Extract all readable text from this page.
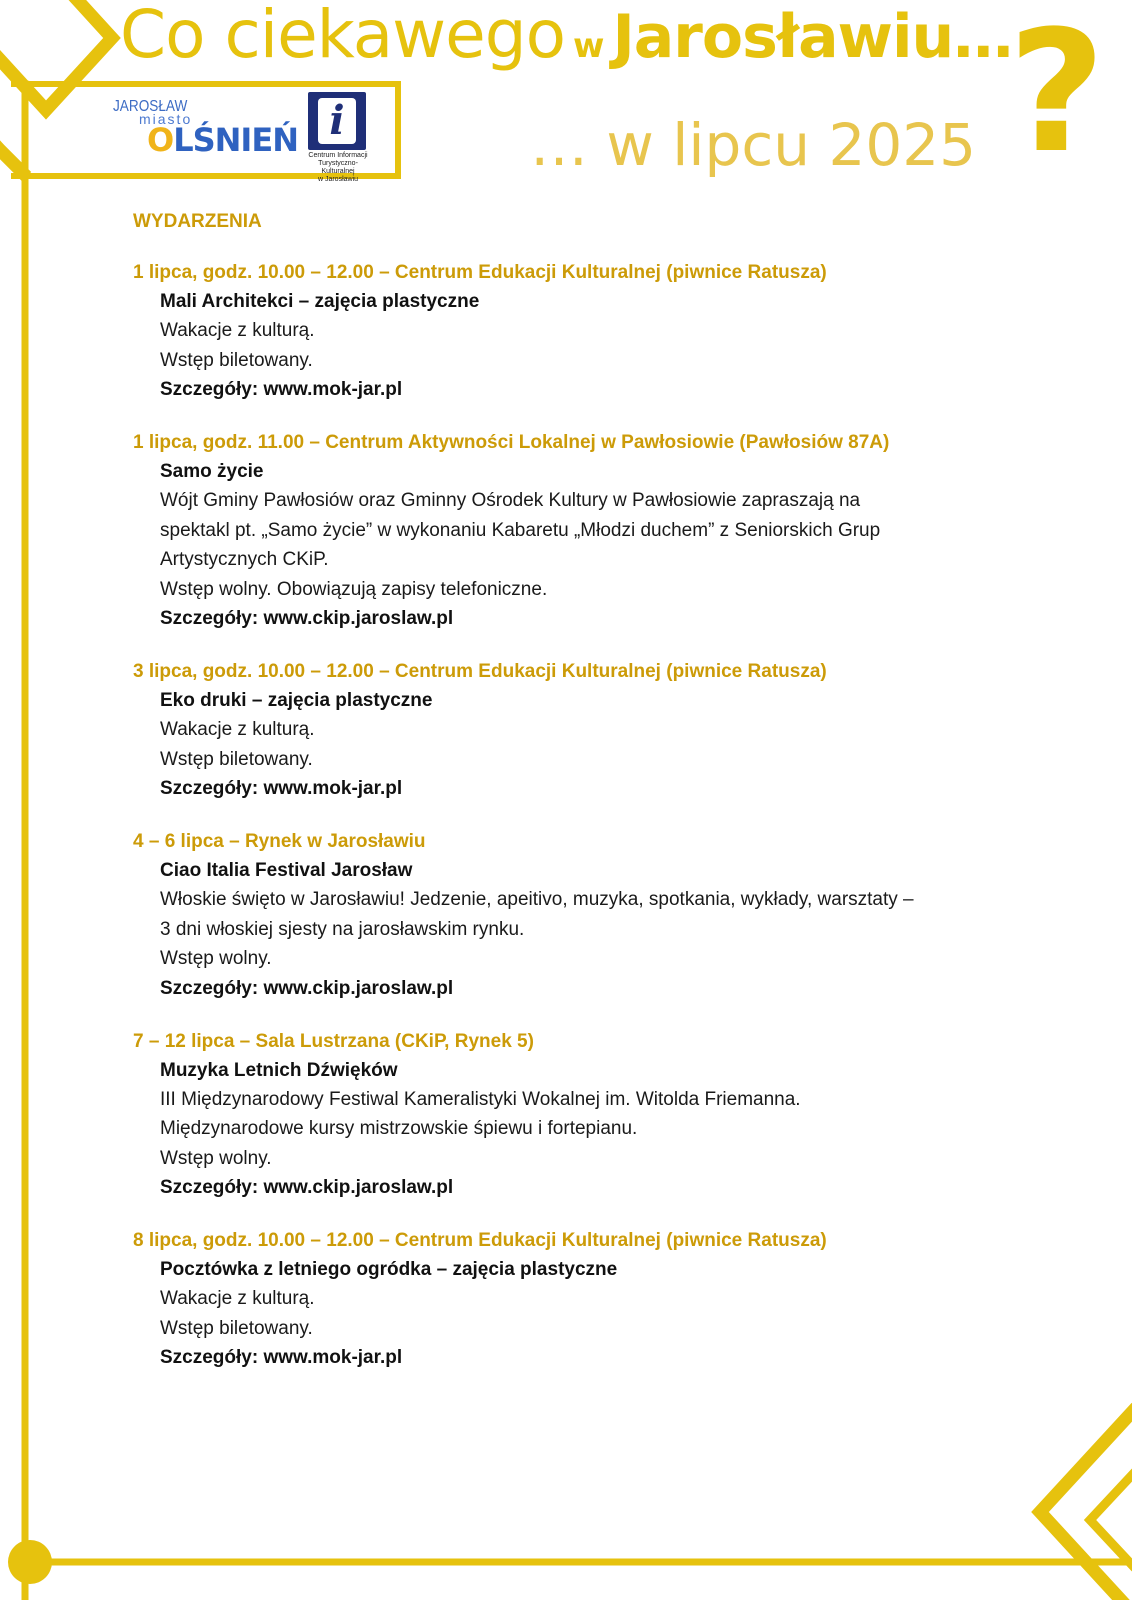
?
Co ciekawego w Jarosławiu…
… w lipcu 2025
JAROSŁAW
miasto
OLŚNIEŃ i
Centrum Informacji
Turystyczno-Kulturalnej
w Jarosławiu
WYDARZENIA
1 lipca, godz. 10.00 – 12.00 – Centrum Edukacji Kulturalnej (piwnice Ratusza)
Mali Architekci – zajęcia plastyczne
Wakacje z kulturą.
Wstęp biletowany.
Szczegóły: www.mok-jar.pl
1 lipca, godz. 11.00 – Centrum Aktywności Lokalnej w Pawłosiowie (Pawłosiów 87A)
Samo życie
Wójt Gminy Pawłosiów oraz Gminny Ośrodek Kultury w Pawłosiowie zapraszają na
spektakl pt. „Samo życie” w wykonaniu Kabaretu „Młodzi duchem” z Seniorskich Grup
Artystycznych CKiP.
Wstęp wolny. Obowiązują zapisy telefoniczne.
Szczegóły: www.ckip.jaroslaw.pl
3 lipca, godz. 10.00 – 12.00 – Centrum Edukacji Kulturalnej (piwnice Ratusza)
Eko druki – zajęcia plastyczne
Wakacje z kulturą.
Wstęp biletowany.
Szczegóły: www.mok-jar.pl
4 – 6 lipca – Rynek w Jarosławiu
Ciao Italia Festival Jarosław
Włoskie święto w Jarosławiu! Jedzenie, apeitivo, muzyka, spotkania, wykłady, warsztaty –
3 dni włoskiej sjesty na jarosławskim rynku.
Wstęp wolny.
Szczegóły: www.ckip.jaroslaw.pl
7 – 12 lipca – Sala Lustrzana (CKiP, Rynek 5)
Muzyka Letnich Dźwięków
III Międzynarodowy Festiwal Kameralistyki Wokalnej im. Witolda Friemanna.
Międzynarodowe kursy mistrzowskie śpiewu i fortepianu.
Wstęp wolny.
Szczegóły: www.ckip.jaroslaw.pl
8 lipca, godz. 10.00 – 12.00 – Centrum Edukacji Kulturalnej (piwnice Ratusza)
Pocztówka z letniego ogródka – zajęcia plastyczne
Wakacje z kulturą.
Wstęp biletowany.
Szczegóły: www.mok-jar.pl
